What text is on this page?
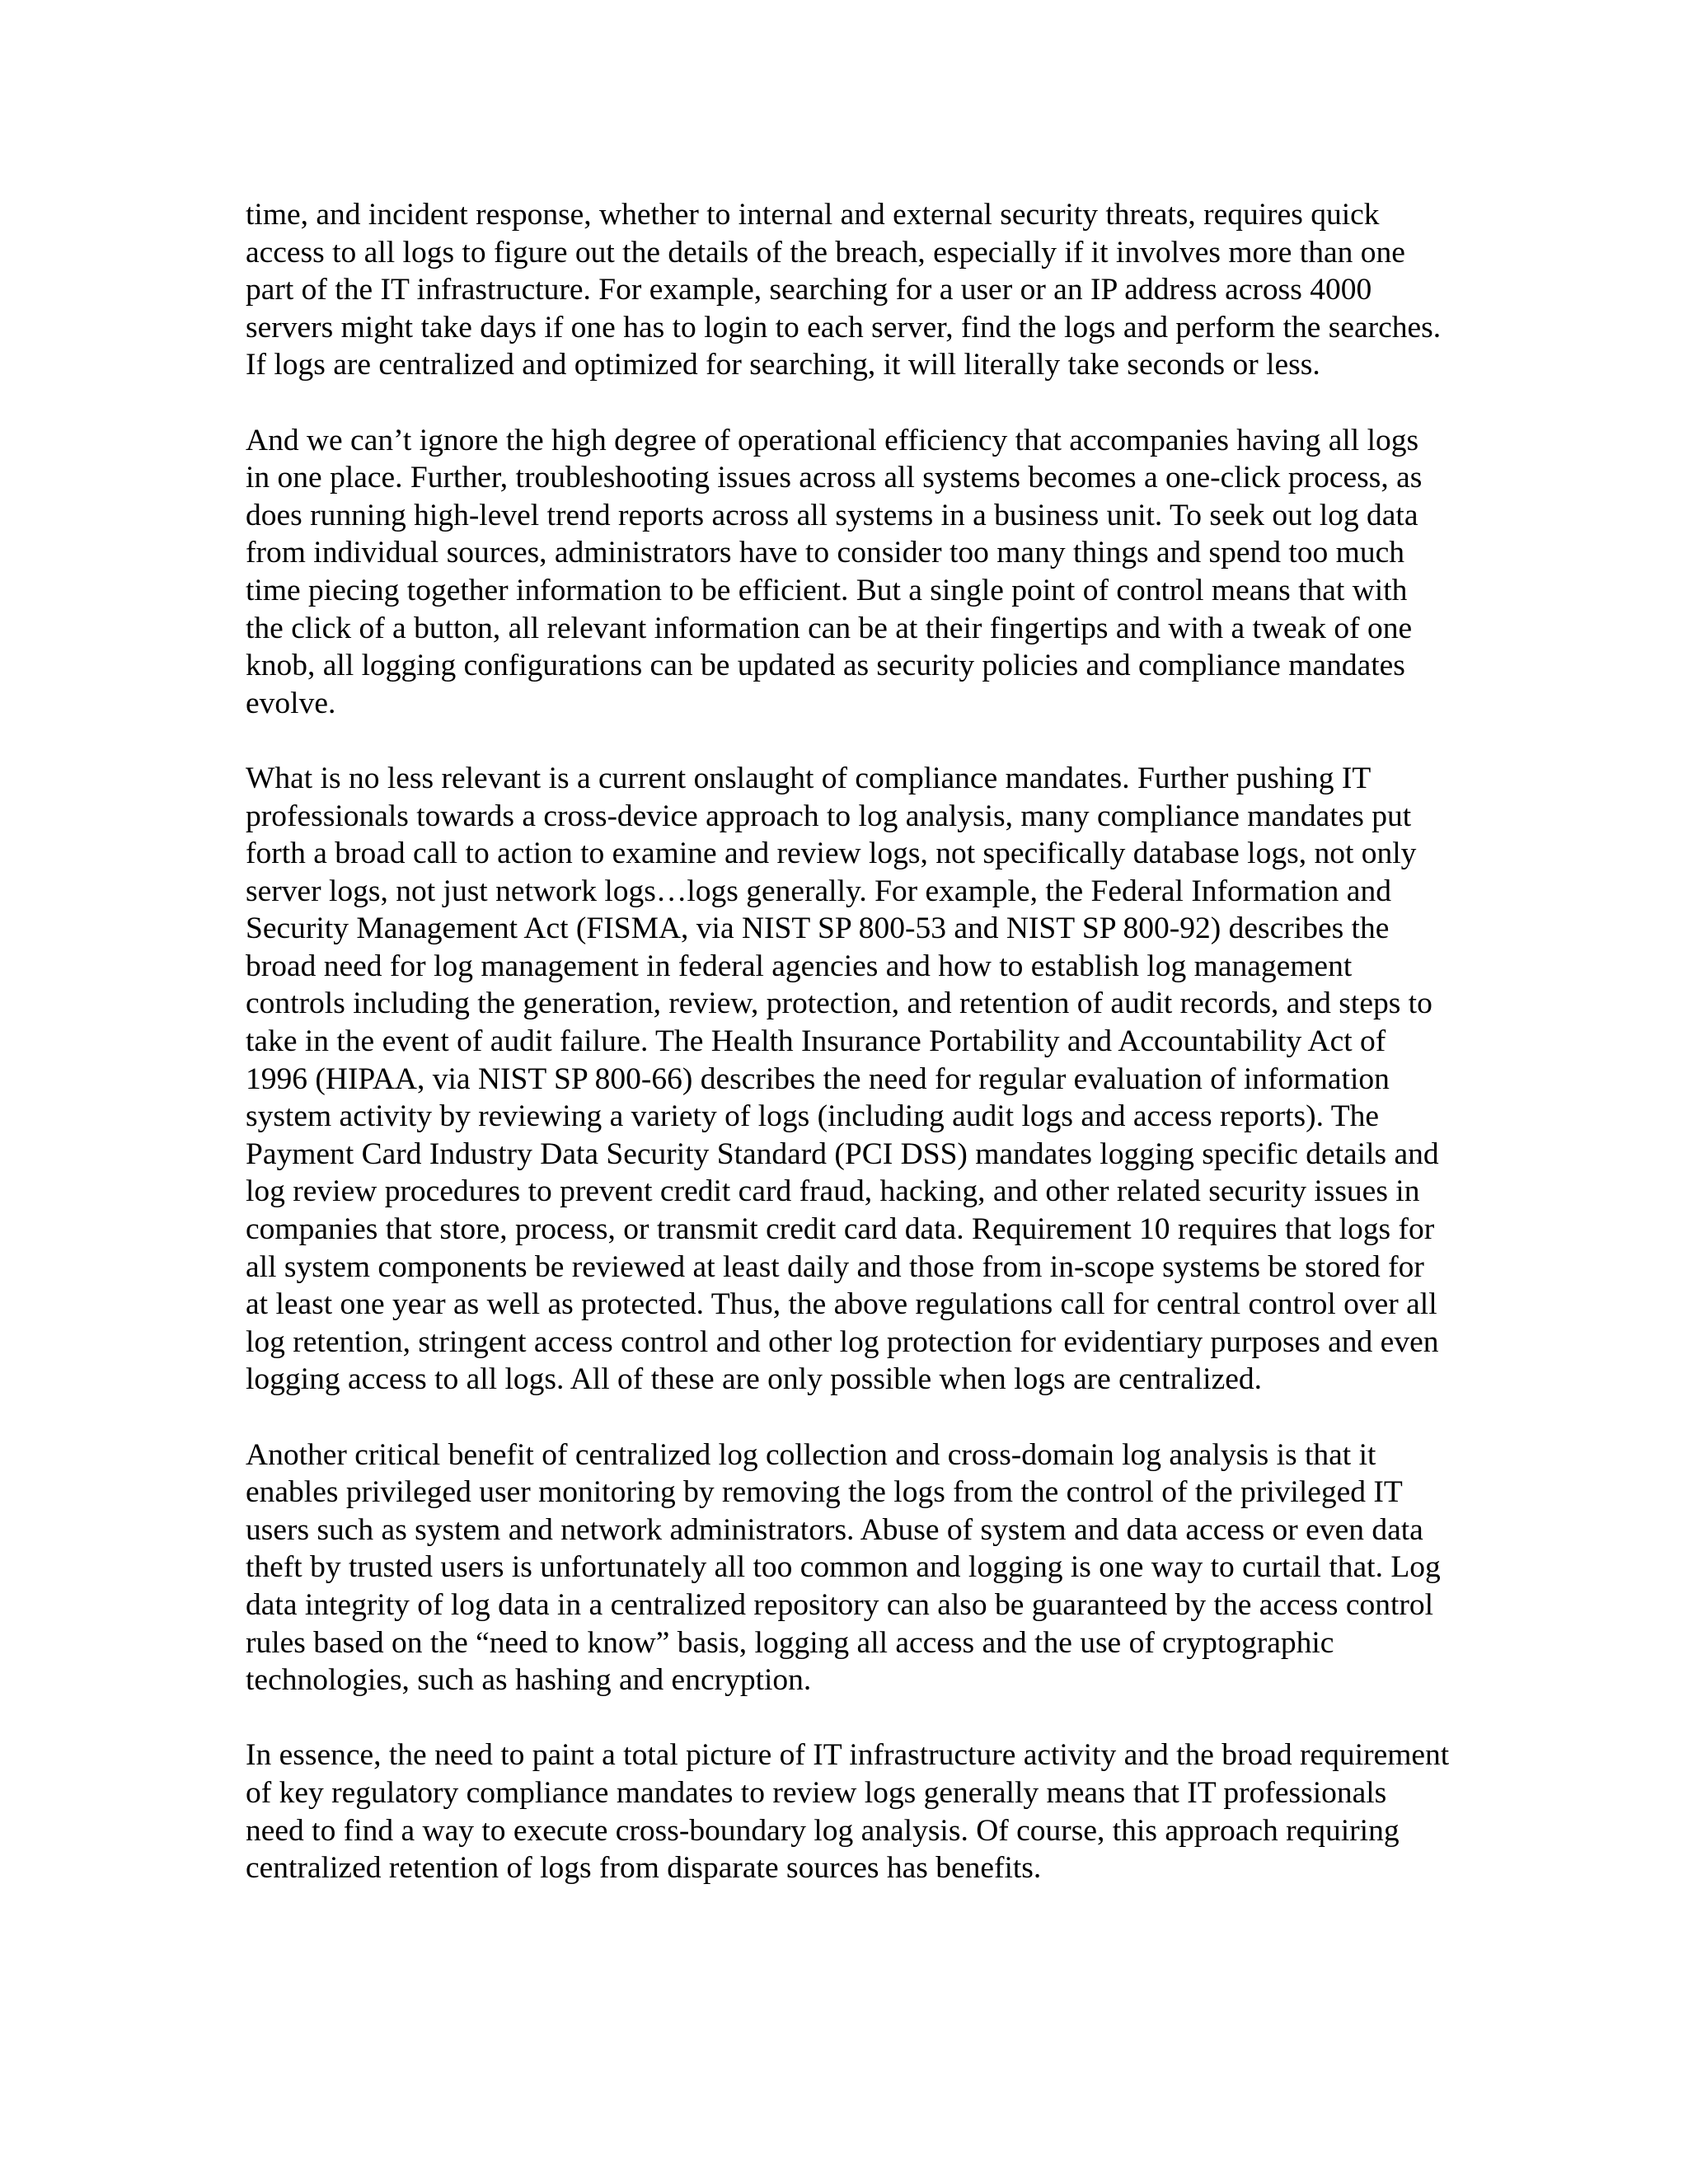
time, and incident response, whether to internal and external security threats, requires quick
access to all logs to figure out the details of the breach, especially if it involves more than one
part of the IT infrastructure. For example, searching for a user or an IP address across 4000
servers might take days if one has to login to each server, find the logs and perform the searches.
If logs are centralized and optimized for searching, it will literally take seconds or less.

And we can’t ignore the high degree of operational efficiency that accompanies having all logs
in one place. Further, troubleshooting issues across all systems becomes a one-click process, as
does running high-level trend reports across all systems in a business unit. To seek out log data
from individual sources, administrators have to consider too many things and spend too much
time piecing together information to be efficient. But a single point of control means that with
the click of a button, all relevant information can be at their fingertips and with a tweak of one
knob, all logging configurations can be updated as security policies and compliance mandates
evolve.

What is no less relevant is a current onslaught of compliance mandates. Further pushing IT
professionals towards a cross-device approach to log analysis, many compliance mandates put
forth a broad call to action to examine and review logs, not specifically database logs, not only
server logs, not just network logs…logs generally. For example, the Federal Information and
Security Management Act (FISMA, via NIST SP 800-53 and NIST SP 800-92) describes the
broad need for log management in federal agencies and how to establish log management
controls including the generation, review, protection, and retention of audit records, and steps to
take in the event of audit failure. The Health Insurance Portability and Accountability Act of
1996 (HIPAA, via NIST SP 800-66) describes the need for regular evaluation of information
system activity by reviewing a variety of logs (including audit logs and access reports). The
Payment Card Industry Data Security Standard (PCI DSS) mandates logging specific details and
log review procedures to prevent credit card fraud, hacking, and other related security issues in
companies that store, process, or transmit credit card data. Requirement 10 requires that logs for
all system components be reviewed at least daily and those from in-scope systems be stored for
at least one year as well as protected. Thus, the above regulations call for central control over all
log retention, stringent access control and other log protection for evidentiary purposes and even
logging access to all logs. All of these are only possible when logs are centralized.

Another critical benefit of centralized log collection and cross-domain log analysis is that it
enables privileged user monitoring by removing the logs from the control of the privileged IT
users such as system and network administrators. Abuse of system and data access or even data
theft by trusted users is unfortunately all too common and logging is one way to curtail that. Log
data integrity of log data in a centralized repository can also be guaranteed by the access control
rules based on the “need to know” basis, logging all access and the use of cryptographic
technologies, such as hashing and encryption.

In essence, the need to paint a total picture of IT infrastructure activity and the broad requirement
of key regulatory compliance mandates to review logs generally means that IT professionals
need to find a way to execute cross-boundary log analysis. Of course, this approach requiring
centralized retention of logs from disparate sources has benefits.
